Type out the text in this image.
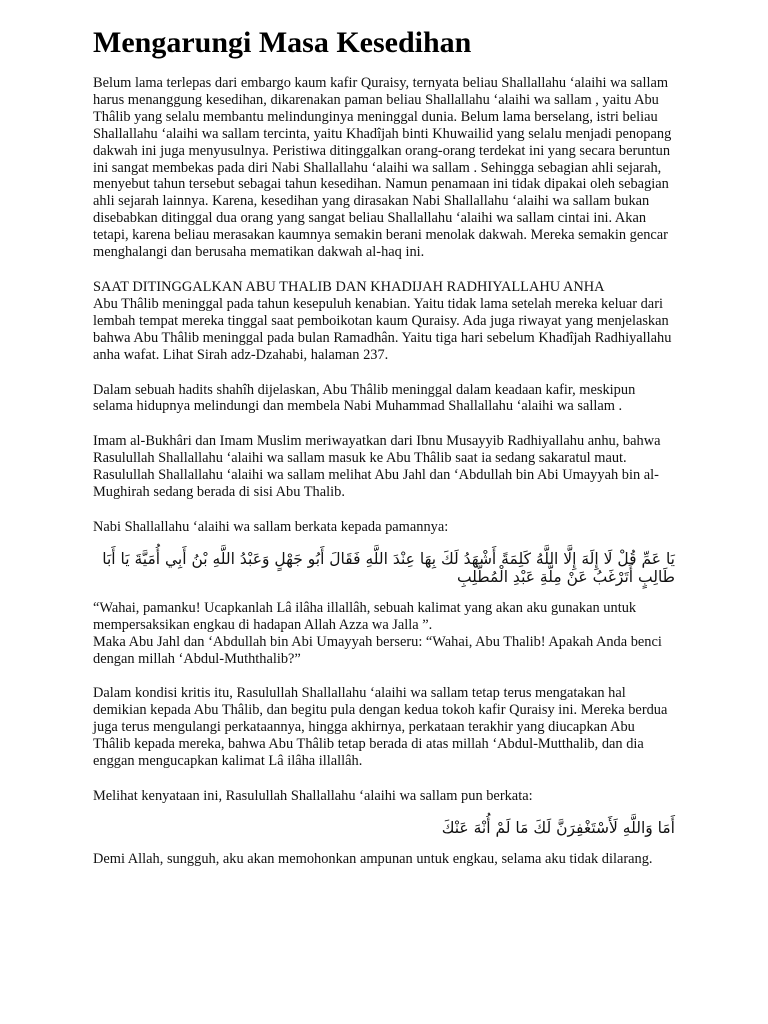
Mengarungi Masa Kesedihan

Belum lama terlepas dari embargo kaum kafir Quraisy, ternyata beliau Shallallahu ‘alaihi wa sallam harus menanggung kesedihan, dikarenakan paman beliau Shallallahu ‘alaihi wa sallam , yaitu Abu Thâlib yang selalu membantu melindunginya meninggal dunia. Belum lama berselang, istri beliau Shallallahu ‘alaihi wa sallam tercinta, yaitu Khadîjah binti Khuwailid yang selalu menjadi penopang dakwah ini juga menyusulnya. Peristiwa ditinggalkan orang-orang terdekat ini yang secara beruntun ini sangat membekas pada diri Nabi Shallallahu ‘alaihi wa sallam . Sehingga sebagian ahli sejarah, menyebut tahun tersebut sebagai tahun kesedihan. Namun penamaan ini tidak dipakai oleh sebagian ahli sejarah lainnya. Karena, kesedihan yang dirasakan Nabi Shallallahu ‘alaihi wa sallam bukan disebabkan ditinggal dua orang yang sangat beliau Shallallahu ‘alaihi wa sallam cintai ini. Akan tetapi, karena beliau merasakan kaumnya semakin berani menolak dakwah. Mereka semakin gencar menghalangi dan berusaha mematikan dakwah al-haq ini.

SAAT DITINGGALKAN ABU THALIB DAN KHADIJAH RADHIYALLAHU ANHA

Abu Thâlib meninggal pada tahun kesepuluh kenabian. Yaitu tidak lama setelah mereka keluar dari lembah tempat mereka tinggal saat pemboikotan kaum Quraisy. Ada juga riwayat yang menjelaskan bahwa Abu Thâlib meninggal pada bulan Ramadhân. Yaitu tiga hari sebelum Khadîjah Radhiyallahu anha wafat. Lihat Sirah adz-Dzahabi, halaman 237.

Dalam sebuah hadits shahîh dijelaskan, Abu Thâlib meninggal dalam keadaan kafir, meskipun selama hidupnya melindungi dan membela Nabi Muhammad Shallallahu ‘alaihi wa sallam .

Imam al-Bukhâri dan Imam Muslim meriwayatkan dari Ibnu Musayyib Radhiyallahu anhu, bahwa Rasulullah Shallallahu ‘alaihi wa sallam masuk ke Abu Thâlib saat ia sedang sakaratul maut. Rasulullah Shallallahu ‘alaihi wa sallam melihat Abu Jahl dan ‘Abdullah bin Abi Umayyah bin al-Mughirah sedang berada di sisi Abu Thalib.

Nabi Shallallahu ‘alaihi wa sallam berkata kepada pamannya:

يَا عَمِّ قُلْ لَا إِلَهَ إِلَّا اللَّهُ كَلِمَةً أَشْهَدُ لَكَ بِهَا عِنْدَ اللَّهِ فَقَالَ أَبُو جَهْلٍ وَعَبْدُ اللَّهِ بْنُ أَبِي أُمَيَّةَ يَا أَبَا طَالِبٍ أَتَرْغَبُ عَنْ مِلَّةِ عَبْدِ الْمُطَّلِبِ

“Wahai, pamanku! Ucapkanlah Lâ ilâha illallâh, sebuah kalimat yang akan aku gunakan untuk mempersaksikan engkau di hadapan Allah Azza wa Jalla ”.

Maka Abu Jahl dan ‘Abdullah bin Abi Umayyah berseru: “Wahai, Abu Thalib! Apakah Anda benci dengan millah ‘Abdul-Muththalib?”

Dalam kondisi kritis itu, Rasulullah Shallallahu ‘alaihi wa sallam tetap terus mengatakan hal demikian kepada Abu Thâlib, dan begitu pula dengan kedua tokoh kafir Quraisy ini. Mereka berdua juga terus mengulangi perkataannya, hingga akhirnya, perkataan terakhir yang diucapkan Abu Thâlib kepada mereka, bahwa Abu Thâlib tetap berada di atas millah ‘Abdul-Mutthalib, dan dia enggan mengucapkan kalimat Lâ ilâha illallâh.

Melihat kenyataan ini, Rasulullah Shallallahu ‘alaihi wa sallam pun berkata:

أَمَا وَاللَّهِ لَأَسْتَغْفِرَنَّ لَكَ مَا لَمْ أُنْهَ عَنْكَ

Demi Allah, sungguh, aku akan memohonkan ampunan untuk engkau, selama aku tidak dilarang.
